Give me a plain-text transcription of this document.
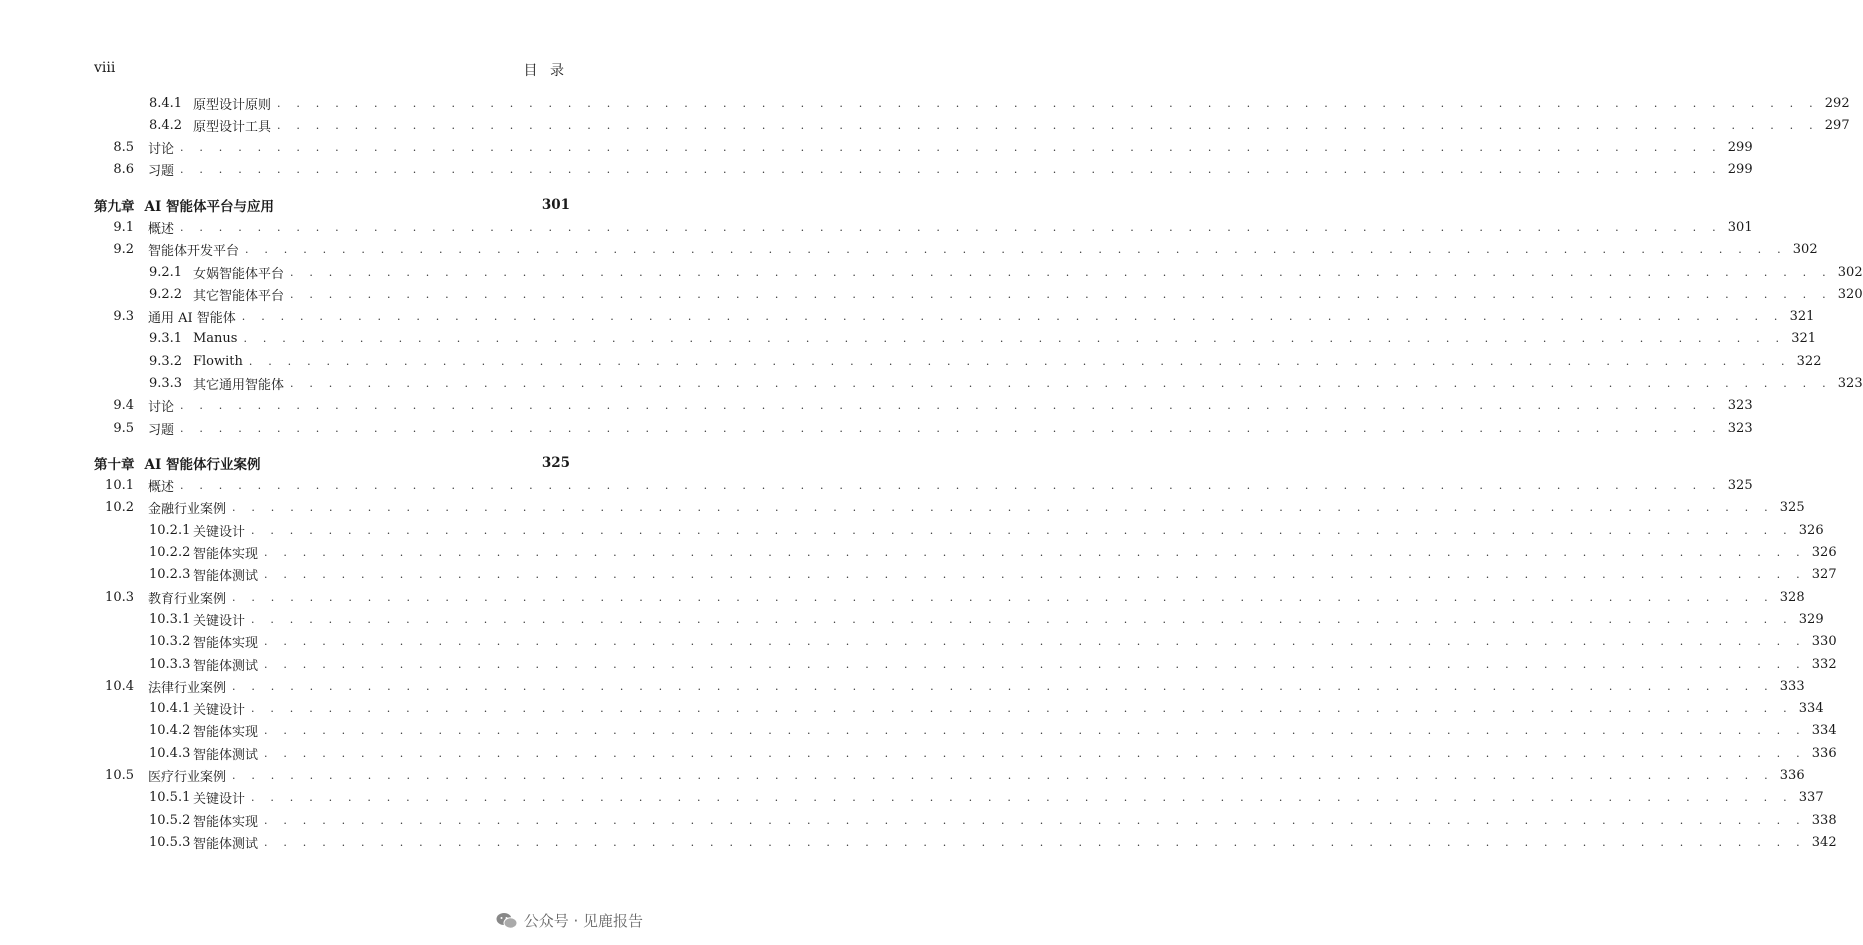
viii	目 录
8.4.1 原型设计原则 . . . . . . . . . . . . . . . . . . . . . . . . . . . . . . . . . . . . . . . . . . . . . . . . . . . . . . . . . . . . . . . . . . . . . . . . . . . . . . . . 292
8.4.2 原型设计工具 . . . . . . . . . . . . . . . . . . . . . . . . . . . . . . . . . . . . . . . . . . . . . . . . . . . . . . . . . . . . . . . . . . . . . . . . . . . . . . . . 297
8.5 讨论 . . . . . . . . . . . . . . . . . . . . . . . . . . . . . . . . . . . . . . . . . . . . . . . . . . . . . . . . . . . . . . . . . . . . . . . . . . . . . . . . 299
8.6 习题 . . . . . . . . . . . . . . . . . . . . . . . . . . . . . . . . . . . . . . . . . . . . . . . . . . . . . . . . . . . . . . . . . . . . . . . . . . . . . . . . 299
第九章 AI 智能体平台与应用	301
9.1 概述 . . . . . . . . . . . . . . . . . . . . . . . . . . . . . . . . . . . . . . . . . . . . . . . . . . . . . . . . . . . . . . . . . . . . . . . . . . . . . . . . 301
9.2 智能体开发平台 . . . . . . . . . . . . . . . . . . . . . . . . . . . . . . . . . . . . . . . . . . . . . . . . . . . . . . . . . . . . . . . . . . . . . . . . . . . . . . . . 302
9.2.1 女娲智能体平台 . . . . . . . . . . . . . . . . . . . . . . . . . . . . . . . . . . . . . . . . . . . . . . . . . . . . . . . . . . . . . . . . . . . . . . . . . . . . . . . . 302
9.2.2 其它智能体平台 . . . . . . . . . . . . . . . . . . . . . . . . . . . . . . . . . . . . . . . . . . . . . . . . . . . . . . . . . . . . . . . . . . . . . . . . . . . . . . . . 320
9.3 通用 AI 智能体 . . . . . . . . . . . . . . . . . . . . . . . . . . . . . . . . . . . . . . . . . . . . . . . . . . . . . . . . . . . . . . . . . . . . . . . . . . . . . . . . 321
9.3.1 Manus . . . . . . . . . . . . . . . . . . . . . . . . . . . . . . . . . . . . . . . . . . . . . . . . . . . . . . . . . . . . . . . . . . . . . . . . . . . . . . . . 321
9.3.2 Flowith . . . . . . . . . . . . . . . . . . . . . . . . . . . . . . . . . . . . . . . . . . . . . . . . . . . . . . . . . . . . . . . . . . . . . . . . . . . . . . . . 322
9.3.3 其它通用智能体 . . . . . . . . . . . . . . . . . . . . . . . . . . . . . . . . . . . . . . . . . . . . . . . . . . . . . . . . . . . . . . . . . . . . . . . . . . . . . . . . 323
9.4 讨论 . . . . . . . . . . . . . . . . . . . . . . . . . . . . . . . . . . . . . . . . . . . . . . . . . . . . . . . . . . . . . . . . . . . . . . . . . . . . . . . . 323
9.5 习题 . . . . . . . . . . . . . . . . . . . . . . . . . . . . . . . . . . . . . . . . . . . . . . . . . . . . . . . . . . . . . . . . . . . . . . . . . . . . . . . . 323
第十章 AI 智能体行业案例	325
10.1 概述 . . . . . . . . . . . . . . . . . . . . . . . . . . . . . . . . . . . . . . . . . . . . . . . . . . . . . . . . . . . . . . . . . . . . . . . . . . . . . . . . 325
10.2 金融行业案例 . . . . . . . . . . . . . . . . . . . . . . . . . . . . . . . . . . . . . . . . . . . . . . . . . . . . . . . . . . . . . . . . . . . . . . . . . . . . . . . . 325
10.2.1 关键设计 . . . . . . . . . . . . . . . . . . . . . . . . . . . . . . . . . . . . . . . . . . . . . . . . . . . . . . . . . . . . . . . . . . . . . . . . . . . . . . . . 326
10.2.2 智能体实现 . . . . . . . . . . . . . . . . . . . . . . . . . . . . . . . . . . . . . . . . . . . . . . . . . . . . . . . . . . . . . . . . . . . . . . . . . . . . . . . . 326
10.2.3 智能体测试 . . . . . . . . . . . . . . . . . . . . . . . . . . . . . . . . . . . . . . . . . . . . . . . . . . . . . . . . . . . . . . . . . . . . . . . . . . . . . . . . 327
10.3 教育行业案例 . . . . . . . . . . . . . . . . . . . . . . . . . . . . . . . . . . . . . . . . . . . . . . . . . . . . . . . . . . . . . . . . . . . . . . . . . . . . . . . . 328
10.3.1 关键设计 . . . . . . . . . . . . . . . . . . . . . . . . . . . . . . . . . . . . . . . . . . . . . . . . . . . . . . . . . . . . . . . . . . . . . . . . . . . . . . . . 329
10.3.2 智能体实现 . . . . . . . . . . . . . . . . . . . . . . . . . . . . . . . . . . . . . . . . . . . . . . . . . . . . . . . . . . . . . . . . . . . . . . . . . . . . . . . . 330
10.3.3 智能体测试 . . . . . . . . . . . . . . . . . . . . . . . . . . . . . . . . . . . . . . . . . . . . . . . . . . . . . . . . . . . . . . . . . . . . . . . . . . . . . . . . 332
10.4 法律行业案例 . . . . . . . . . . . . . . . . . . . . . . . . . . . . . . . . . . . . . . . . . . . . . . . . . . . . . . . . . . . . . . . . . . . . . . . . . . . . . . . . 333
10.4.1 关键设计 . . . . . . . . . . . . . . . . . . . . . . . . . . . . . . . . . . . . . . . . . . . . . . . . . . . . . . . . . . . . . . . . . . . . . . . . . . . . . . . . 334
10.4.2 智能体实现 . . . . . . . . . . . . . . . . . . . . . . . . . . . . . . . . . . . . . . . . . . . . . . . . . . . . . . . . . . . . . . . . . . . . . . . . . . . . . . . . 334
10.4.3 智能体测试 . . . . . . . . . . . . . . . . . . . . . . . . . . . . . . . . . . . . . . . . . . . . . . . . . . . . . . . . . . . . . . . . . . . . . . . . . . . . . . . . 336
10.5 医疗行业案例 . . . . . . . . . . . . . . . . . . . . . . . . . . . . . . . . . . . . . . . . . . . . . . . . . . . . . . . . . . . . . . . . . . . . . . . . . . . . . . . . 336
10.5.1 关键设计 . . . . . . . . . . . . . . . . . . . . . . . . . . . . . . . . . . . . . . . . . . . . . . . . . . . . . . . . . . . . . . . . . . . . . . . . . . . . . . . . 337
10.5.2 智能体实现 . . . . . . . . . . . . . . . . . . . . . . . . . . . . . . . . . . . . . . . . . . . . . . . . . . . . . . . . . . . . . . . . . . . . . . . . . . . . . . . . 338
10.5.3 智能体测试 . . . . . . . . . . . . . . . . . . . . . . . . . . . . . . . . . . . . . . . . . . . . . . . . . . . . . . . . . . . . . . . . . . . . . . . . . . . . . . . . 342
公众号 · 见鹿报告
